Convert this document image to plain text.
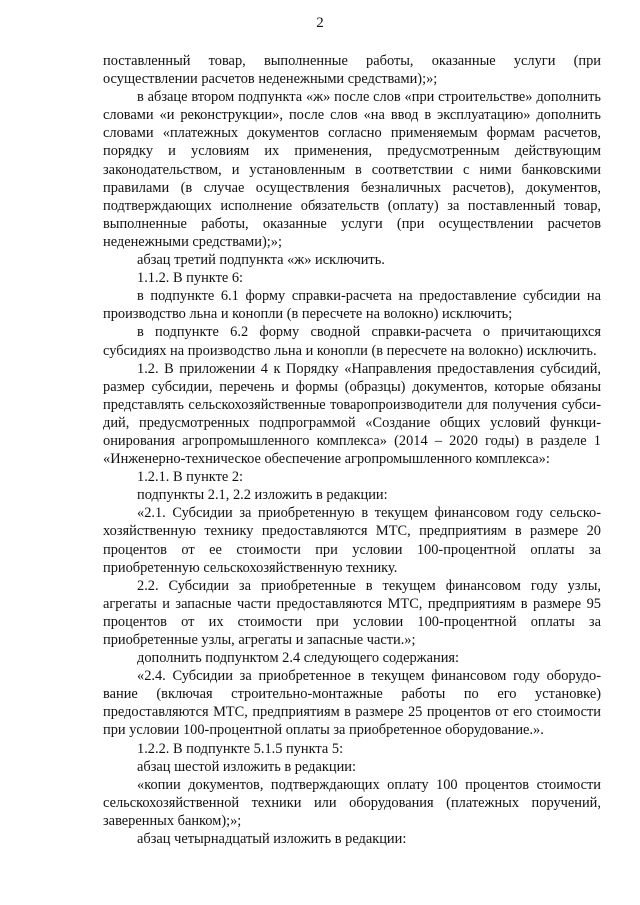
2

поставленный товар, выполненные работы, оказанные услуги (при осуществлении расчетов неденежными средствами);»;

в абзаце втором подпункта «ж» после слов «при строительстве» дополнить словами «и реконструкции», после слов «на ввод в эксплуатацию» дополнить словами «платежных документов согласно применяемым формам расчетов, порядку и условиям их применения, предусмотренным действующим законодательством, и установленным в соответствии с ними банковскими правилами (в случае осуществления безналичных расчетов), документов, подтверждающих исполнение обязательств (оплату) за поставленный товар, выполненные работы, оказанные услуги (при осуществлении расчетов неденежными средствами);»;

абзац третий подпункта «ж» исключить.

1.1.2. В пункте 6:

в подпункте 6.1 форму справки-расчета на предоставление субсидии на производство льна и конопли (в пересчете на волокно) исключить;

в подпункте 6.2 форму сводной справки-расчета о причитающихся субсидиях на производство льна и конопли (в пересчете на волокно) исключить.

1.2. В приложении 4 к Порядку «Направления предоставления субсидий, размер субсидии, перечень и формы (образцы) документов, которые обязаны представлять сельскохозяйственные товаропроизводители для получения субси-дий, предусмотренных подпрограммой «Создание общих условий функци-онирования агропромышленного комплекса» (2014 – 2020 годы) в разделе 1 «Инженерно-техническое обеспечение агропромышленного комплекса»:

1.2.1. В пункте 2:

подпункты 2.1, 2.2 изложить в редакции:

«2.1. Субсидии за приобретенную в текущем финансовом году сельско-хозяйственную технику предоставляются МТС, предприятиям в размере 20 процентов от ее стоимости при условии 100-процентной оплаты за приобретенную сельскохозяйственную технику.

2.2. Субсидии за приобретенные в текущем финансовом году узлы, агрегаты и запасные части предоставляются МТС, предприятиям в размере 95 процентов от их стоимости при условии 100-процентной оплаты за приобретенные узлы, агрегаты и запасные части.»;

дополнить подпунктом 2.4 следующего содержания:

«2.4. Субсидии за приобретенное в текущем финансовом году оборудо-вание (включая строительно-монтажные работы по его установке) предоставляются МТС, предприятиям в размере 25 процентов от его стоимости при условии 100-процентной оплаты за приобретенное оборудование.».

1.2.2. В подпункте 5.1.5 пункта 5:

абзац шестой изложить в редакции:

«копии документов, подтверждающих оплату 100 процентов стоимости сельскохозяйственной техники или оборудования (платежных поручений, заверенных банком);»;

абзац четырнадцатый изложить в редакции:
